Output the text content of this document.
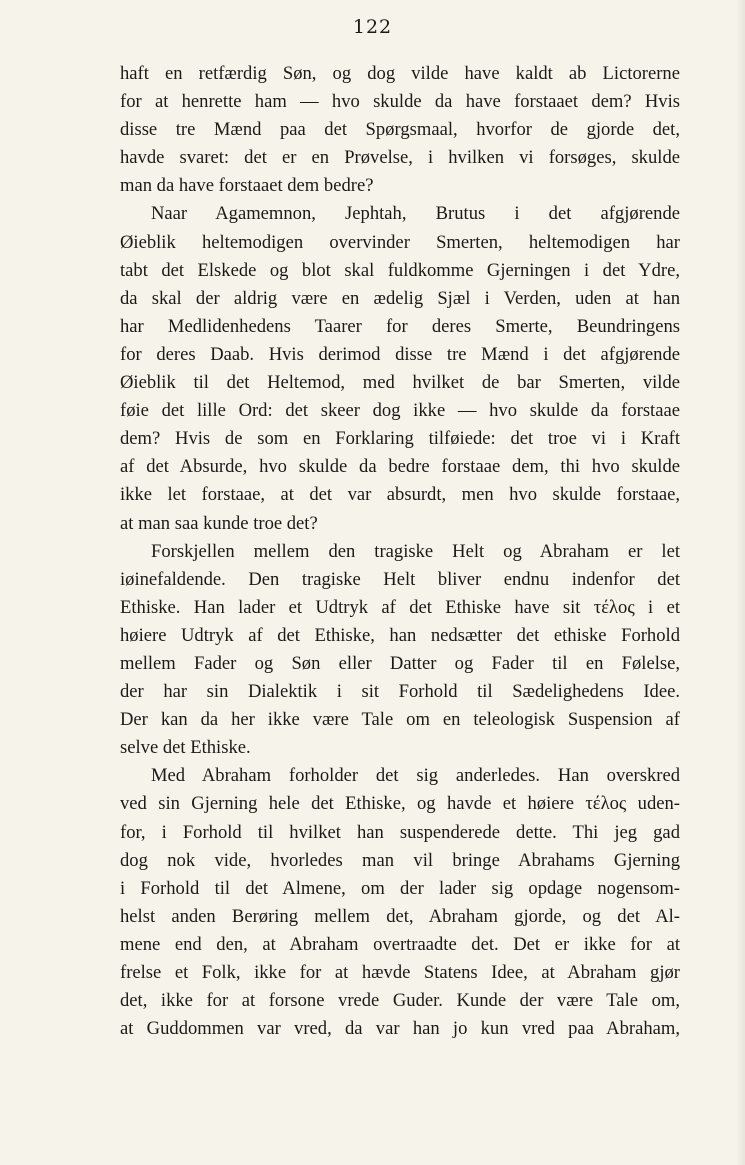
122
haft en retfærdig Søn, og dog vilde have kaldt ab Lictorerne
for at henrette ham — hvo skulde da have forstaaet dem? Hvis
disse tre Mænd paa det Spørgsmaal, hvorfor de gjorde det,
havde svaret: det er en Prøvelse, i hvilken vi forsøges, skulde
man da have forstaaet dem bedre?
Naar Agamemnon, Jephtah, Brutus i det afgjørende
Øieblik heltemodigen overvinder Smerten, heltemodigen har
tabt det Elskede og blot skal fuldkomme Gjerningen i det Ydre,
da skal der aldrig være en ædelig Sjæl i Verden, uden at han
har Medlidenhedens Taarer for deres Smerte, Beundringens
for deres Daab. Hvis derimod disse tre Mænd i det afgjørende
Øieblik til det Heltemod, med hvilket de bar Smerten, vilde
føie det lille Ord: det skeer dog ikke — hvo skulde da forstaae
dem? Hvis de som en Forklaring tilføiede: det troe vi i Kraft
af det Absurde, hvo skulde da bedre forstaae dem, thi hvo skulde
ikke let forstaae, at det var absurdt, men hvo skulde forstaae,
at man saa kunde troe det?
Forskjellen mellem den tragiske Helt og Abraham er let
iøinefaldende. Den tragiske Helt bliver endnu indenfor det
Ethiske. Han lader et Udtryk af det Ethiske have sit τέλος i et
høiere Udtryk af det Ethiske, han nedsætter det ethiske Forhold
mellem Fader og Søn eller Datter og Fader til en Følelse,
der har sin Dialektik i sit Forhold til Sædelighedens Idee.
Der kan da her ikke være Tale om en teleologisk Suspension af
selve det Ethiske.
Med Abraham forholder det sig anderledes. Han overskred
ved sin Gjerning hele det Ethiske, og havde et høiere τέλος uden-
for, i Forhold til hvilket han suspenderede dette. Thi jeg gad
dog nok vide, hvorledes man vil bringe Abrahams Gjerning
i Forhold til det Almene, om der lader sig opdage nogensom-
helst anden Berøring mellem det, Abraham gjorde, og det Al-
mene end den, at Abraham overtraadte det. Det er ikke for at
frelse et Folk, ikke for at hævde Statens Idee, at Abraham gjør
det, ikke for at forsone vrede Guder. Kunde der være Tale om,
at Guddommen var vred, da var han jo kun vred paa Abraham,
